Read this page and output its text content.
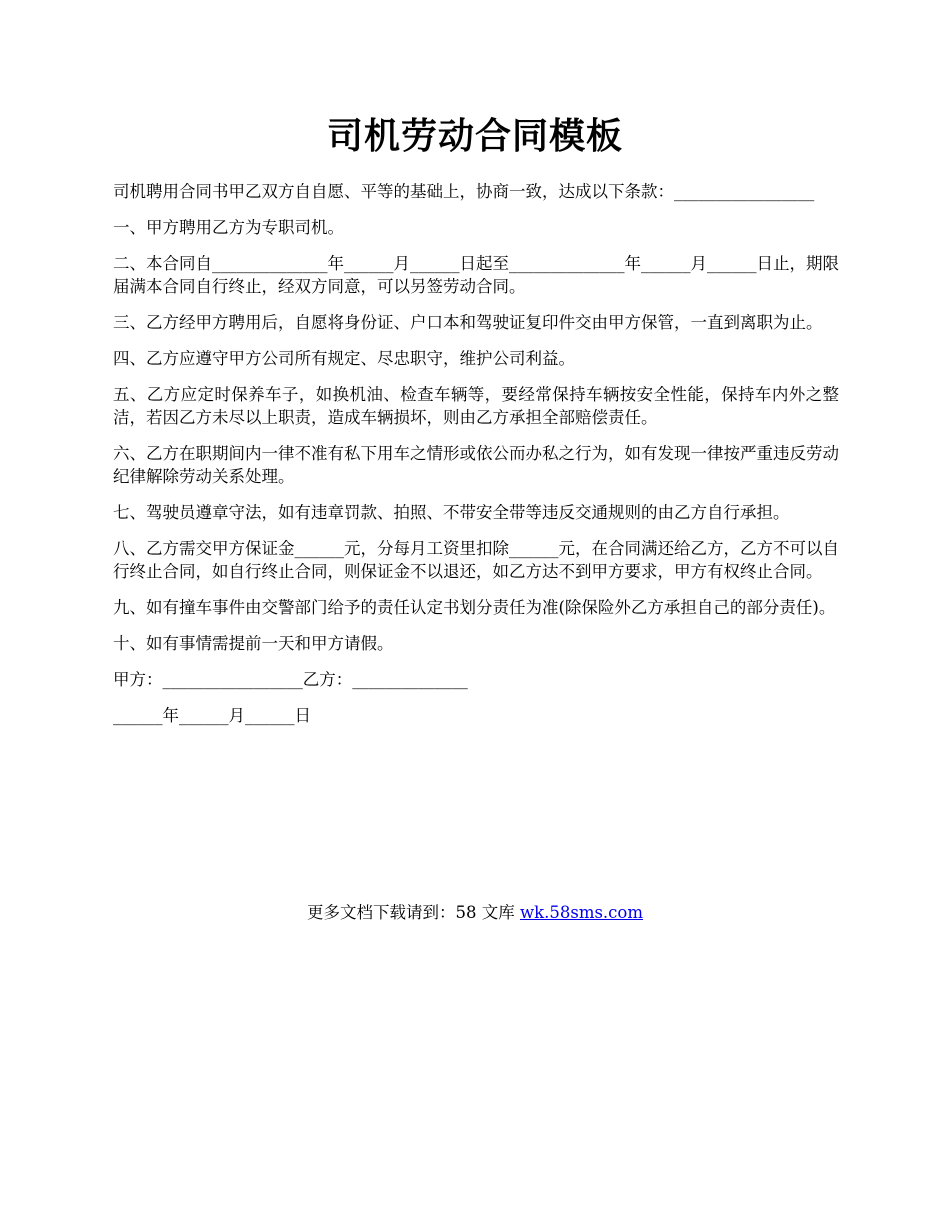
司机劳动合同模板

司机聘用合同书甲乙双方自自愿、平等的基础上，协商一致，达成以下条款：_________________

一、甲方聘用乙方为专职司机。

二、本合同自______________年______月______日起至______________年______月______日止，期限届满本合同自行终止，经双方同意，可以另签劳动合同。

三、乙方经甲方聘用后，自愿将身份证、户口本和驾驶证复印件交由甲方保管，一直到离职为止。

四、乙方应遵守甲方公司所有规定、尽忠职守，维护公司利益。

五、乙方应定时保养车子，如换机油、检查车辆等，要经常保持车辆按安全性能，保持车内外之整洁，若因乙方未尽以上职责，造成车辆损坏，则由乙方承担全部赔偿责任。

六、乙方在职期间内一律不准有私下用车之情形或依公而办私之行为，如有发现一律按严重违反劳动纪律解除劳动关系处理。

七、驾驶员遵章守法，如有违章罚款、拍照、不带安全带等违反交通规则的由乙方自行承担。

八、乙方需交甲方保证金______元，分每月工资里扣除______元，在合同满还给乙方，乙方不可以自行终止合同，如自行终止合同，则保证金不以退还，如乙方达不到甲方要求，甲方有权终止合同。

九、如有撞车事件由交警部门给予的责任认定书划分责任为准(除保险外乙方承担自己的部分责任)。

十、如有事情需提前一天和甲方请假。

甲方：_________________乙方：______________

______年______月______日

更多文档下载请到：58 文库 wk.58sms.com
